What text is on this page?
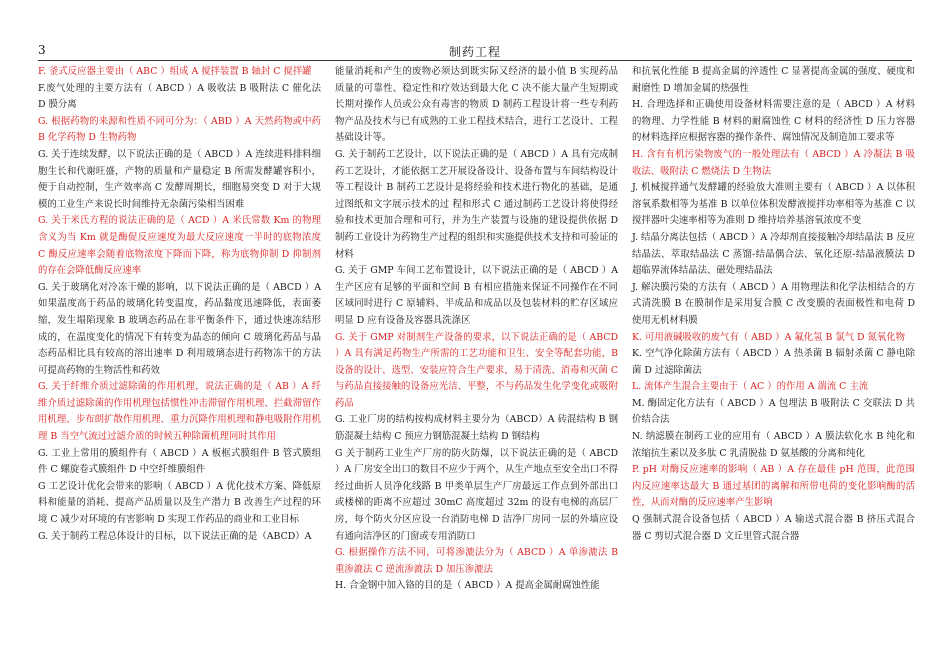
3	制药工程

F. 釜式反应器主要由（ ABC ）组成 A 搅拌装置 B 轴封 C 搅拌罐

F.废气处理的主要方法有（ ABCD ）A 吸收法 B 吸附法 C 催化法 D 膜分离

G. 根据药物的来源和性质不同可分为：（ ABD ）A 天然药物或中药 B 化学药物 D 生物药物

G. 关于连续发酵，以下说法正确的是（ ABCD ）A 连续进料排料细胞生长和代谢旺盛，产物的质量和产量稳定 B 所需发酵罐容积小，便于自动控制，生产效率高 C 发酵周期长，细胞易突变 D 对于大规模的工业生产来说长时间维持无杂菌污染相当困难

G. 关于米氏方程的说法正确的是（ ACD ）A 米氏常数 Km 的物理含义为当 Km 就是酶促反应速度为最大反应速度一半时的底物浓度 C 酶反应速率会随着底物浓度下降而下降，称为底物抑制 D 抑制剂的存在会降低酶反应速率

G. 关于玻璃化对冷冻干燥的影响，以下说法正确的是（ ABCD ）A 如果温度高于药品的玻璃化转变温度，药品黏度迅速降低，表面萎缩，发生塌陷现象 B 玻璃态药品在非平衡条件下，通过快速冻结形成的，在温度变化的情况下有转变为晶态的倾向 C 玻璃化药品与晶态药品相比具有较高的溶出速率 D 利用玻璃态进行药物冻干的方法可提高药物的生物活性和药效

G. 关于纤维介质过滤除菌的作用机理，说法正确的是（ AB ）A 纤维介质过滤除菌的作用机理包括惯性冲击滞留作用机理、拦截滞留作用机理、步布朗扩散作用机理、重力沉降作用机理和静电吸附作用机理 B 当空气流过过滤介质的时候五种除菌机理同时其作用

G. 工业上常用的膜组件有（ ABCD ）A 板框式膜组件 B 管式膜组件 C 螺旋卷式膜组件 D 中空纤维膜组件

G 工艺设计优化会带来的影响（ ABCD ）A 优化技术方案、降低原料和能量的消耗、提高产品质量以及生产潜力 B 改善生产过程的环境 C 减少对环境的有害影响 D 实现工作药品的商业和工业目标

G. 关于制药工程总体设计的目标，以下说法正确的是（ABCD）A

能量消耗和产生的废物必须达到既实际又经济的最小值 B 实现药品质量的可靠性、稳定性和疗效达到最大化 C 决不能大量产生短期或长期对操作人员或公众有毒害的物质 D 制药工程设计将一些专利药物产品及技术与已有成熟的工业工程技术结合，进行工艺设计、工程基础设计等。

G. 关于制药工艺设计，以下说法正确的是（ ABCD ）A 具有完成制药工艺设计，才能依据工艺开展设备设计、设备布置与车间结构设计等工程设计 B 制药工艺设计是将经验和技术进行物化的基础，是通过图纸和文字展示技术的过 程和形式 C 通过制药工艺设计将使得经验和技术更加合理和可行，并为生产装置与设施的建设提供依据 D 制药工业设计为药物生产过程的组织和实施提供技术支持和可验证的材料

G. 关于 GMP 车间工艺布置设计，以下说法正确的是（ ABCD ）A 生产区应有足够的平面和空间 B 有相应措施来保证不同操作在不同区域同时进行 C 原辅料、半成品和成品以及包装材料的贮存区域应明显 D 应有设备及容器具洗涤区

G. 关于 GMP 对制剂生产设备的要求，以下说法正确的是（ ABCD ）A 具有满足药物生产所需的工艺功能和卫生、安全等配套功能，B 设备的设计、选型、安装应符合生产要求，易于清洗、消毒和灭菌 C 与药品直接接触的设备应光洁、平整，不与药品发生化学变化或吸附药品

G. 工业厂房的结构按构成材料主要分为（ABCD）A 砖混结构 B 钢筋混凝土结构 C 预应力钢筋混凝土结构 D 钢结构

G 关于制药工业生产厂房的防火防爆，以下说法正确的是（ ABCD ）A 厂房安全出口的数目不应少于两个，从生产地点至安全出口不得经过曲折人员净化线路 B 甲类单层生产厂房最远工作点到外部出口或楼梯的距离不应超过 30mC 高度超过 32m 的设有电梯的高层厂房，每个防火分区应设一台消防电梯 D 洁净厂房同一层的外墙应设有通向洁净区的门窗或专用消防口

G. 根据操作方法不同，可将渗漉法分为（ ABCD ）A 单渗漉法 B 重渗漉法 C 逆流渗漉法 D 加压渗漉法

H. 合金钢中加入铬的目的是（ ABCD ）A 提高金属耐腐蚀性能

和抗氧化性能 B 提高金属的淬透性 C 显著提高金属的强度、硬度和耐磨性 D 增加金属的热强性

H. 合理选择和正确使用设备材料需要注意的是（ ABCD ）A 材料的物理、力学性能 B 材料的耐腐蚀性 C 材料的经济性 D 压力容器的材料选择应根据容器的操作条件、腐蚀情况及制造加工要求等

H. 含有有机污染物废气的一般处理法有（ ABCD ）A 冷凝法 B 吸收法、吸附法 C 燃烧法 D 生物法

J. 机械搅拌通气发酵罐的经验放大准则主要有（ ABCD ）A 以体积溶氧系数相等为基准 B 以单位体积发酵液搅拌功率相等为基准 C 以搅拌器叶尖速率相等为准则 D 维持培养基溶氧浓度不变

J. 结晶分离法包括（ ABCD ）A 冷却剂直接接触冷却结晶法 B 反应结晶法、萃取结晶法 C 蒸馏-结晶偶合法、氧化还原-结晶液膜法 D 超临界流体结晶法、磁处理结晶法

J. 解决膜污染的方法有（ ABCD ）A 用物理法和化学法相结合的方式清洗膜 B 在膜制作是采用复合膜 C 改变膜的表面极性和电荷 D 使用无机材料膜

K. 可用液碱吸收的废气有（ ABD ）A 氟化氢 B 氯气 D 氮氧化物

K. 空气净化除菌方法有（ ABCD ）A 热杀菌 B 辐射杀菌 C 静电除菌 D 过滤除菌法

L. 流体产生混合主要由于（ AC ）的作用 A 湍流 C 主流

M. 酶固定化方法有（ ABCD ）A 包埋法 B 吸附法 C 交联法 D 共价结合法

N. 纳滤膜在制药工业的应用有（ ABCD ）A 膜法软化水 B 纯化和浓缩抗生素以及多肽 C 乳清脱盐 D 氨基酸的分离和纯化

P. pH 对酶反应速率的影响（ AB ）A 存在最佳 pH 范围，此范围内反应速率达最大 B 通过基团的离解和所带电荷的变化影响酶的活性，从而对酶的反应速率产生影响

Q 强制式混合设备包括（ ABCD ）A 输送式混合器 B 挤压式混合器 C 剪切式混合器 D 文丘里管式混合器
